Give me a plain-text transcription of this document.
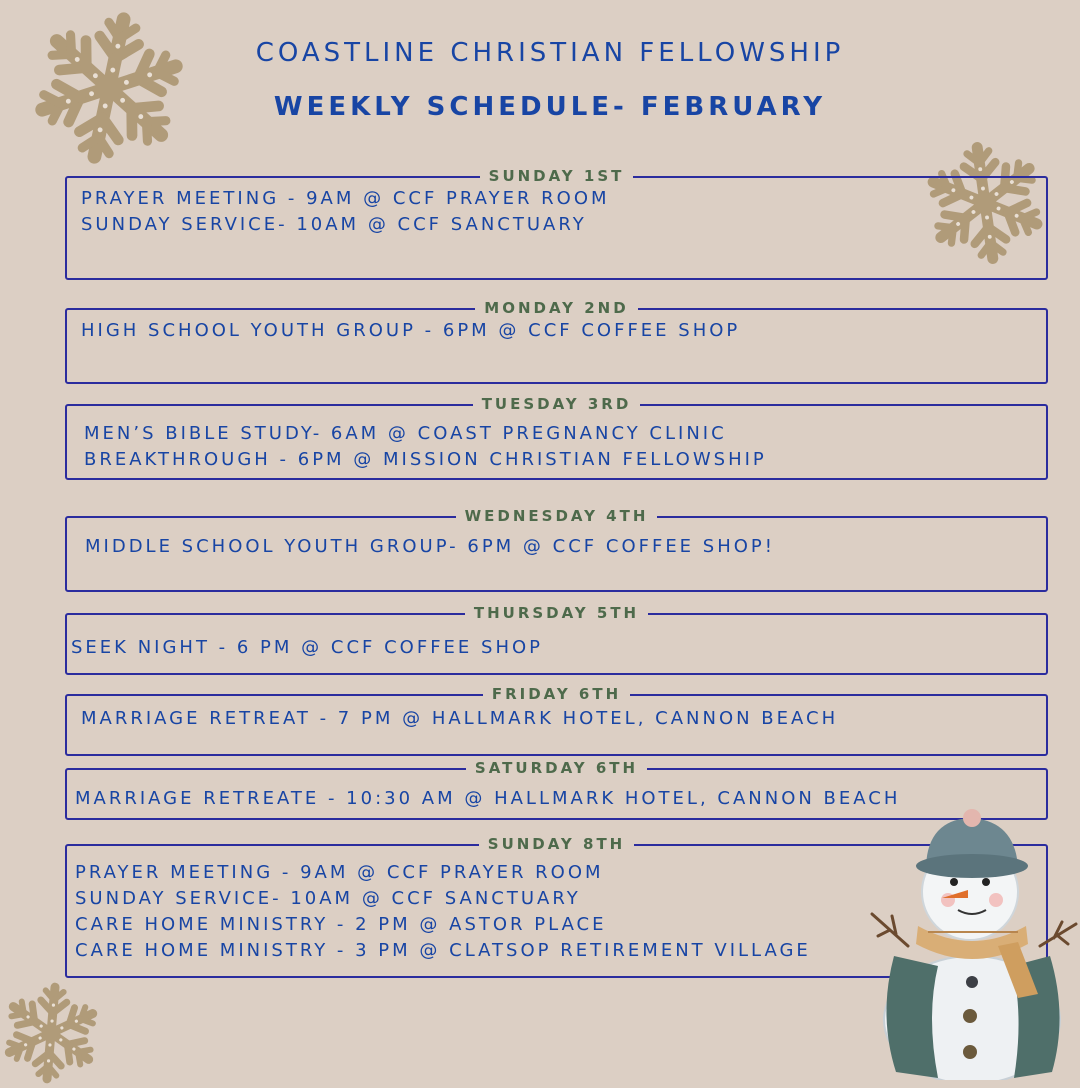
COASTLINE CHRISTIAN FELLOWSHIP
WEEKLY SCHEDULE- FEBRUARY
SUNDAY 1ST
PRAYER MEETING - 9AM @ CCF PRAYER ROOM
SUNDAY SERVICE- 10AM @ CCF SANCTUARY
MONDAY 2ND
HIGH SCHOOL YOUTH GROUP - 6PM @ CCF COFFEE SHOP
TUESDAY 3RD
MEN’S BIBLE STUDY- 6AM @ COAST PREGNANCY CLINIC
BREAKTHROUGH - 6PM @ MISSION CHRISTIAN FELLOWSHIP
WEDNESDAY 4TH
MIDDLE SCHOOL YOUTH GROUP- 6PM @ CCF COFFEE SHOP!
THURSDAY 5TH
SEEK NIGHT - 6 PM @ CCF COFFEE SHOP
FRIDAY 6TH
MARRIAGE RETREAT - 7 PM @ HALLMARK HOTEL, CANNON BEACH
SATURDAY 6TH
MARRIAGE RETREATE - 10:30 AM @ HALLMARK HOTEL, CANNON BEACH
SUNDAY 8TH
PRAYER MEETING - 9AM @ CCF PRAYER ROOM
SUNDAY SERVICE- 10AM @ CCF SANCTUARY
CARE HOME MINISTRY - 2 PM @ ASTOR PLACE
CARE HOME MINISTRY - 3 PM @ CLATSOP RETIREMENT VILLAGE
